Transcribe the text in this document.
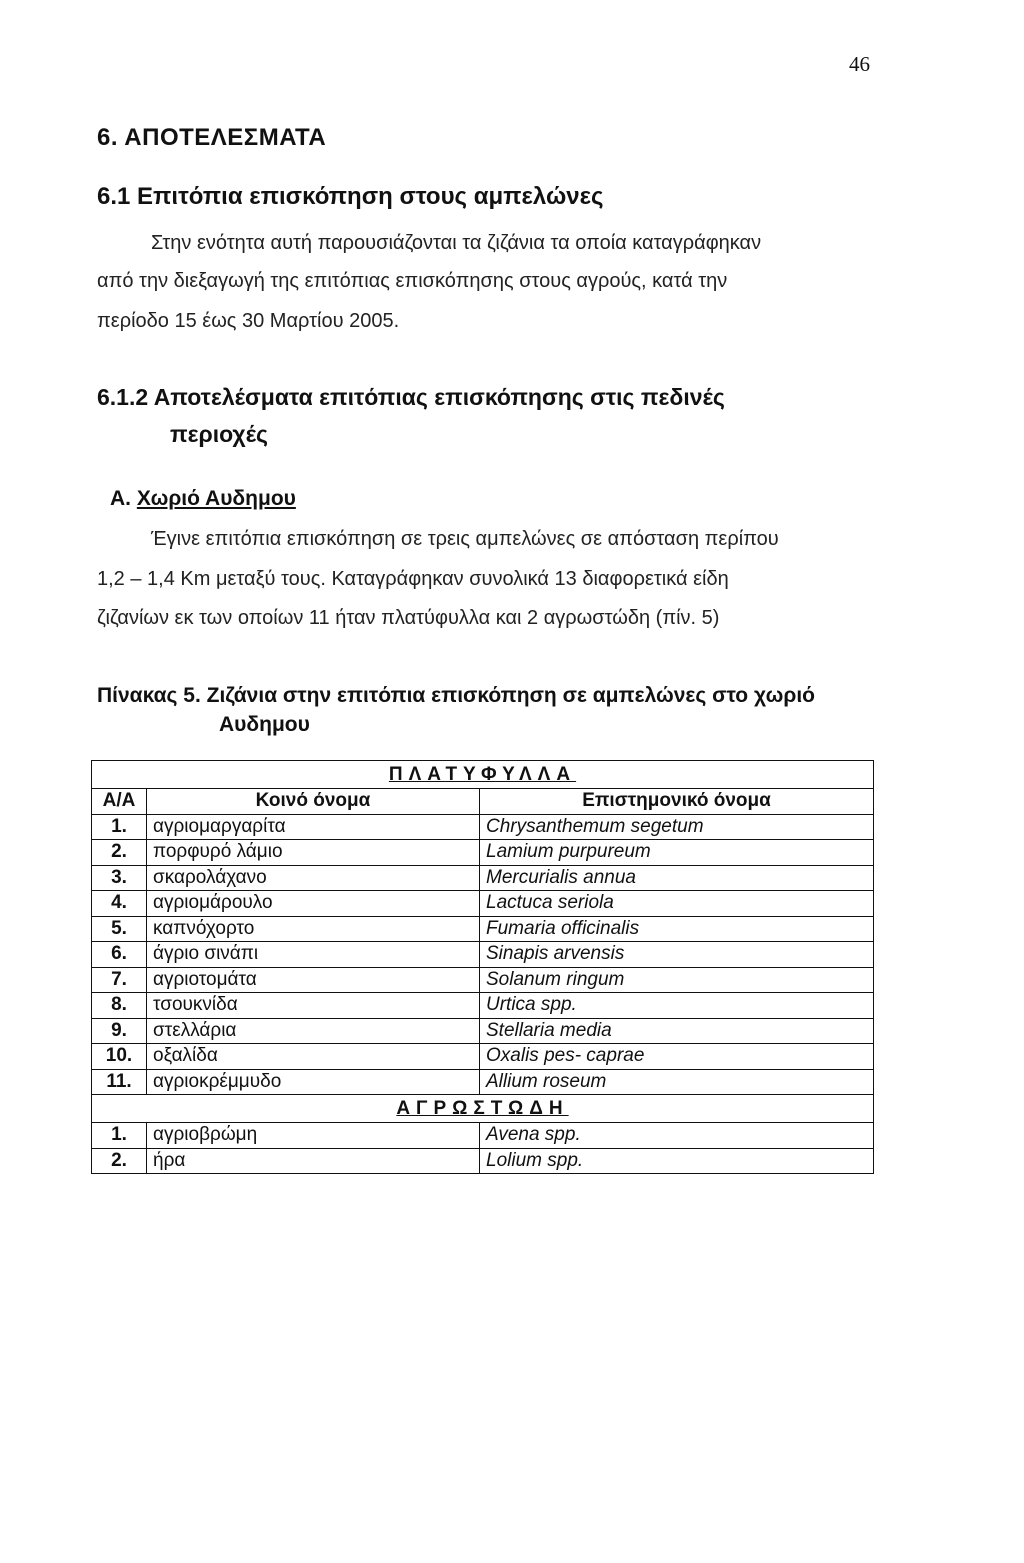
46

6. ΑΠΟΤΕΛΕΣΜΑΤΑ
6.1 Επιτόπια επισκόπηση στους αμπελώνες

Στην ενότητα αυτή παρουσιάζονται τα ζιζάνια τα οποία καταγράφηκαν

από την διεξαγωγή της επιτόπιας επισκόπησης στους αγρούς, κατά την

περίοδο 15 έως 30 Μαρτίου 2005.

6.1.2 Αποτελέσματα επιτόπιας επισκόπησης στις πεδινές
περιοχές
Α. Χωριό Αυδημου

Έγινε επιτόπια επισκόπηση σε τρεις αμπελώνες σε απόσταση περίπου

1,2 – 1,4 Km μεταξύ τους. Καταγράφηκαν συνολικά 13 διαφορετικά είδη

ζιζανίων εκ των οποίων 11 ήταν πλατύφυλλα και 2 αγρωστώδη (πίν. 5)

Πίνακας 5. Ζιζάνια στην επιτόπια επισκόπηση σε αμπελώνες στο χωριό

Αυδημου

ΠΛΑΤΥΦΥΛΛΑ		
Α/Α	Κοινό όνομα	Επιστημονικό όνομα
1.	αγριομαργαρίτα	Chrysanthemum segetum
2.	πορφυρό λάμιο	Lamium purpureum
3.	σκαρολάχανο	Mercurialis annua
4.	αγριομάρουλο	Lactuca seriola
5.	καπνόχορτο	Fumaria officinalis
6.	άγριο σινάπι	Sinapis arvensis
7.	αγριοτομάτα	Solanum ringum
8.	τσουκνίδα	Urtica spp.
9.	στελλάρια	Stellaria media
10.	οξαλίδα	Oxalis pes- caprae
11.	αγριοκρέμμυδο	Allium roseum
ΑΓΡΩΣΤΩΔΗ		
1.	αγριοβρώμη	Avena spp.
2.	ήρα	Lolium spp.
